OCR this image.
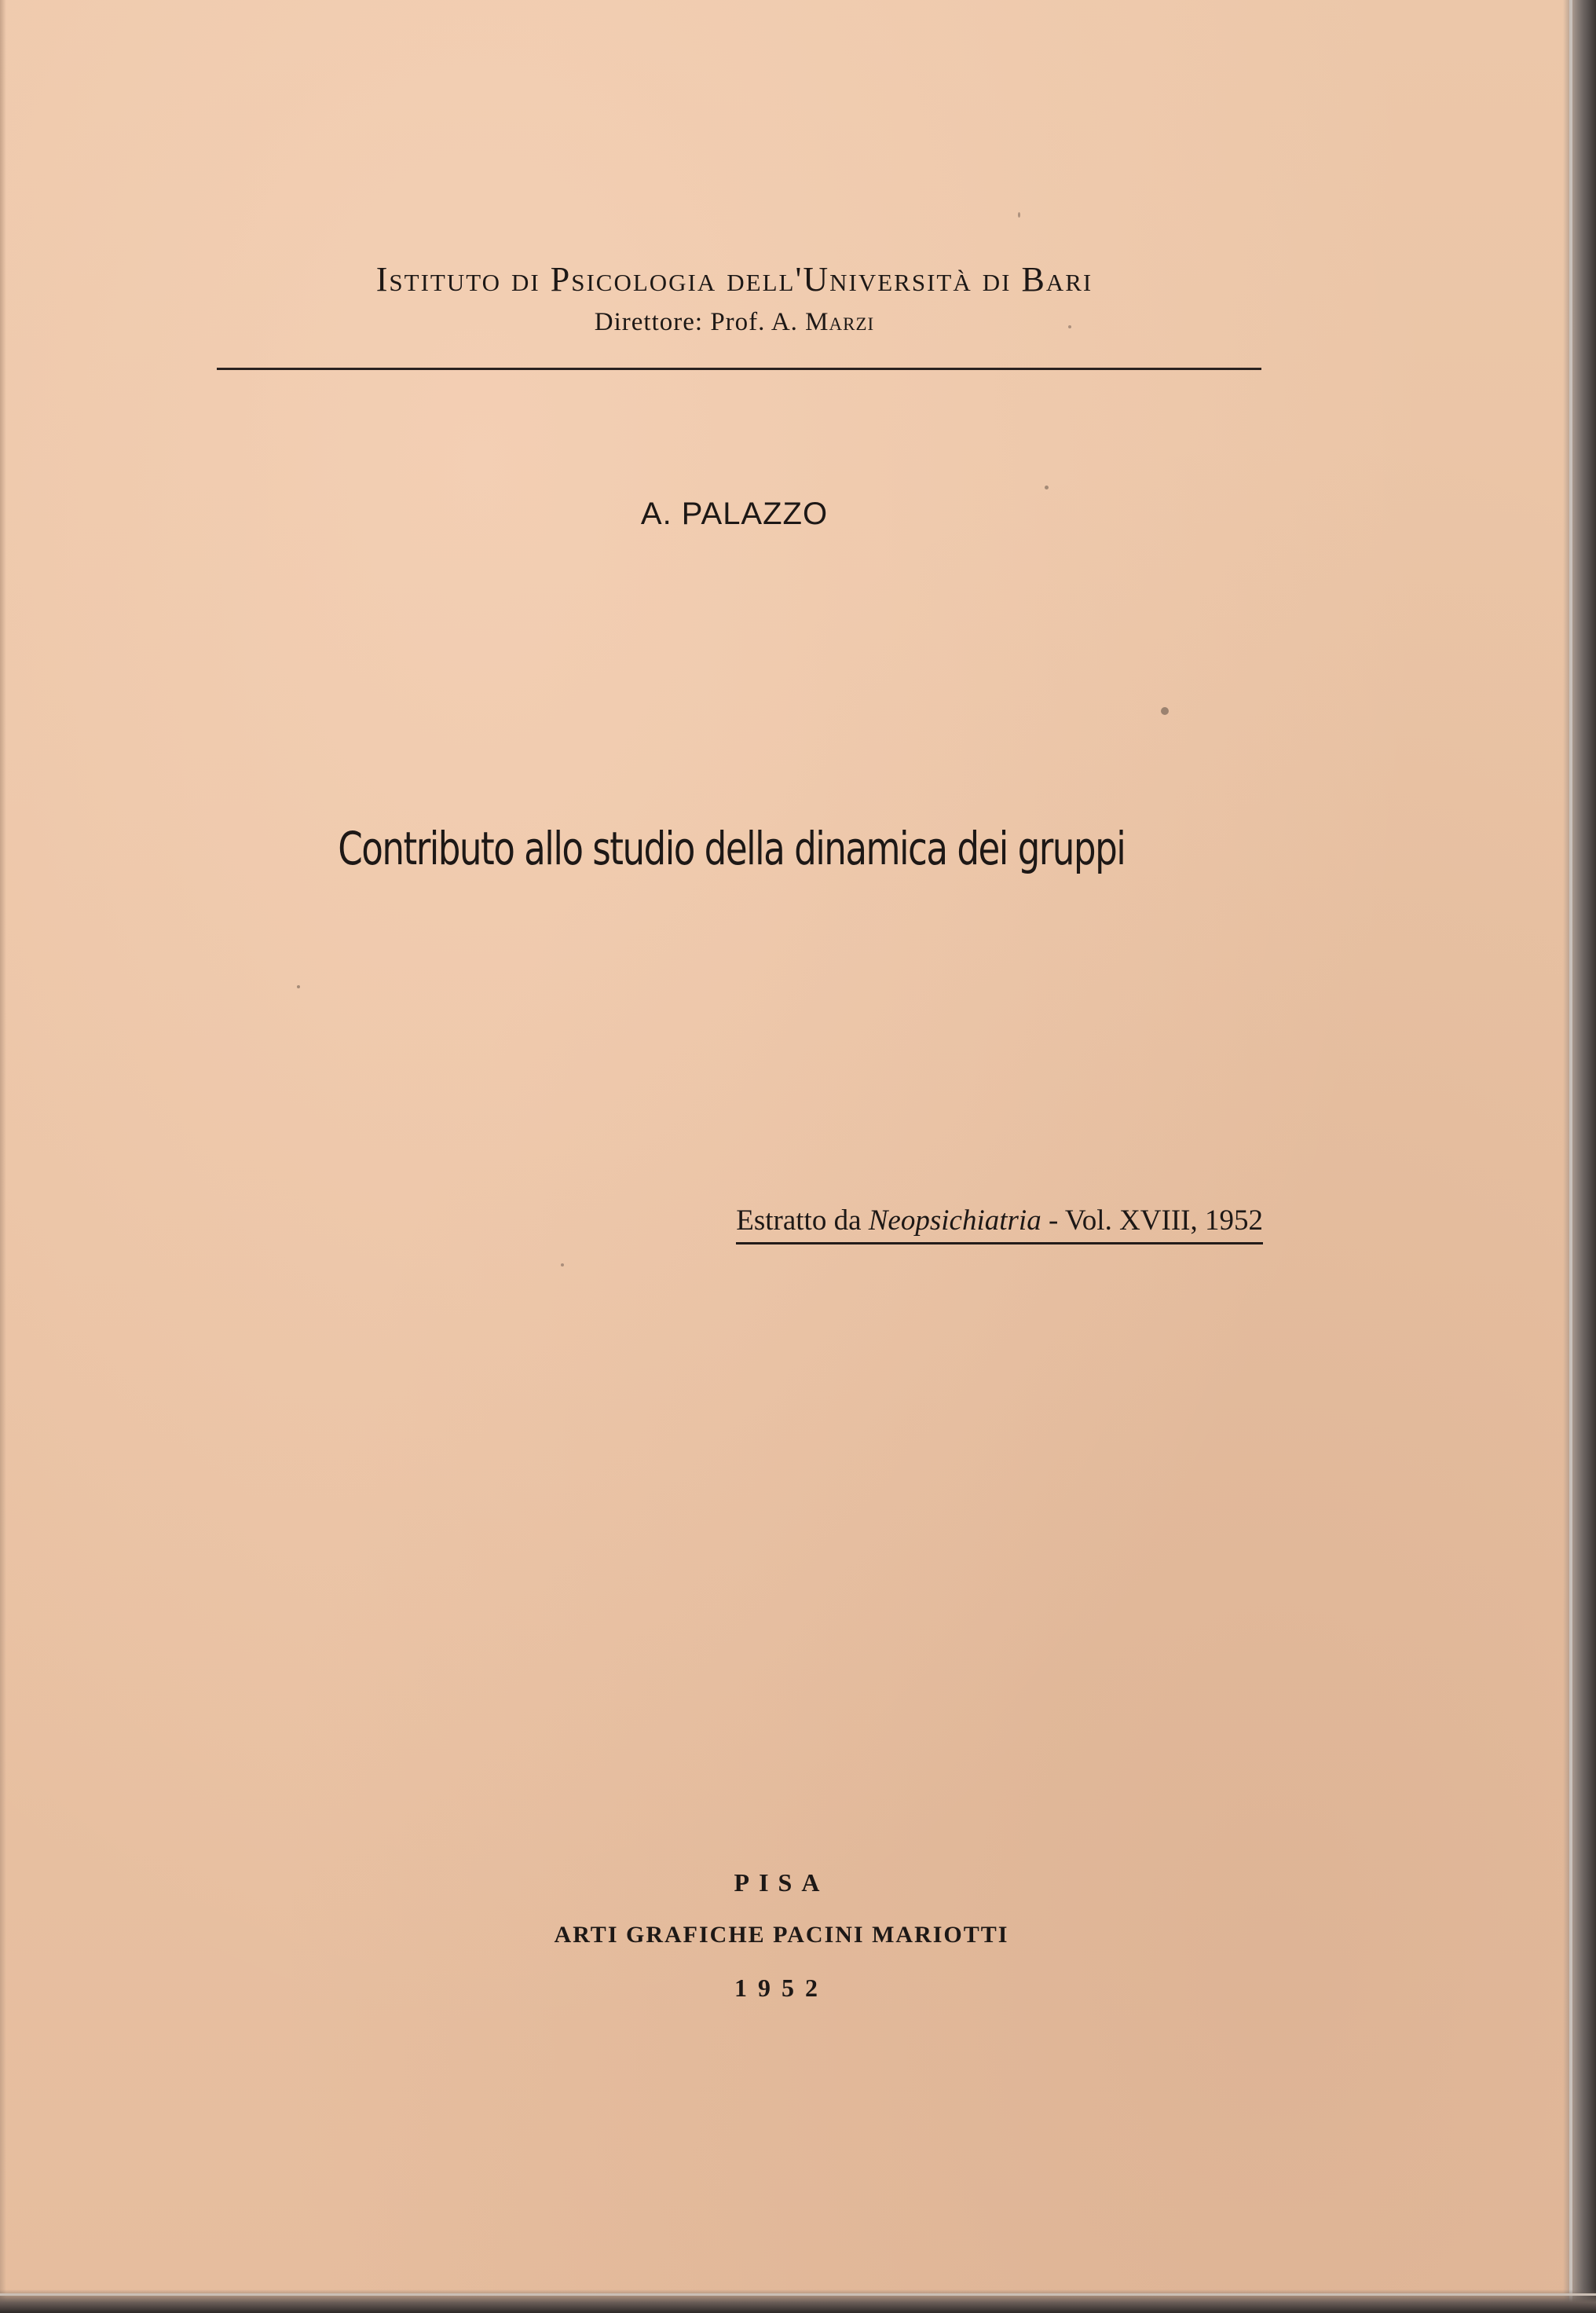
Istituto di Psicologia dell'Università di Bari
Direttore: Prof. A. Marzi
A. PALAZZO
Contributo allo studio della dinamica dei gruppi
Estratto da Neopsichiatria - Vol. XVIII, 1952
PISA
ARTI GRAFICHE PACINI MARIOTTI
1952
